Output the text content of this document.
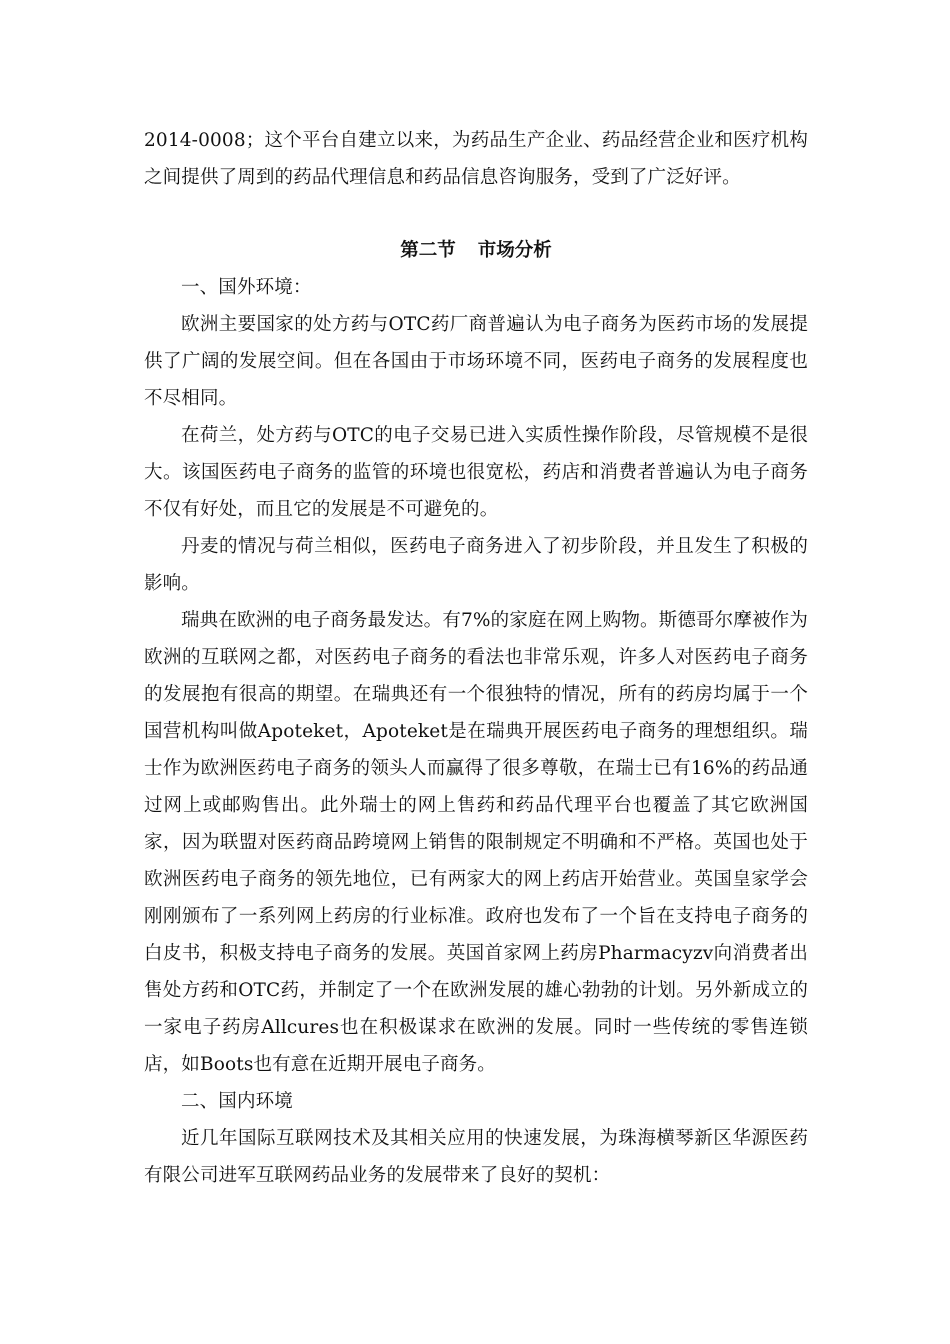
2014-0008；这个平台自建立以来，为药品生产企业、药品经营企业和医疗机构之间提供了周到的药品代理信息和药品信息咨询服务，受到了广泛好评。

第二节 市场分析

一、国外环境：

欧洲主要国家的处方药与OTC药厂商普遍认为电子商务为医药市场的发展提供了广阔的发展空间。但在各国由于市场环境不同，医药电子商务的发展程度也不尽相同。

在荷兰，处方药与OTC的电子交易已进入实质性操作阶段，尽管规模不是很大。该国医药电子商务的监管的环境也很宽松，药店和消费者普遍认为电子商务不仅有好处，而且它的发展是不可避免的。

丹麦的情况与荷兰相似，医药电子商务进入了初步阶段，并且发生了积极的影响。

瑞典在欧洲的电子商务最发达。有7%的家庭在网上购物。斯德哥尔摩被作为欧洲的互联网之都，对医药电子商务的看法也非常乐观，许多人对医药电子商务的发展抱有很高的期望。在瑞典还有一个很独特的情况，所有的药房均属于一个国营机构叫做Apoteket，Apoteket是在瑞典开展医药电子商务的理想组织。瑞士作为欧洲医药电子商务的领头人而赢得了很多尊敬，在瑞士已有16%的药品通过网上或邮购售出。此外瑞士的网上售药和药品代理平台也覆盖了其它欧洲国家，因为联盟对医药商品跨境网上销售的限制规定不明确和不严格。英国也处于欧洲医药电子商务的领先地位，已有两家大的网上药店开始营业。英国皇家学会刚刚颁布了一系列网上药房的行业标准。政府也发布了一个旨在支持电子商务的白皮书，积极支持电子商务的发展。英国首家网上药房Pharmacyzv向消费者出售处方药和OTC药，并制定了一个在欧洲发展的雄心勃勃的计划。另外新成立的一家电子药房Allcures也在积极谋求在欧洲的发展。同时一些传统的零售连锁店，如Boots也有意在近期开展电子商务。

二、国内环境

近几年国际互联网技术及其相关应用的快速发展，为珠海横琴新区华源医药有限公司进军互联网药品业务的发展带来了良好的契机：
